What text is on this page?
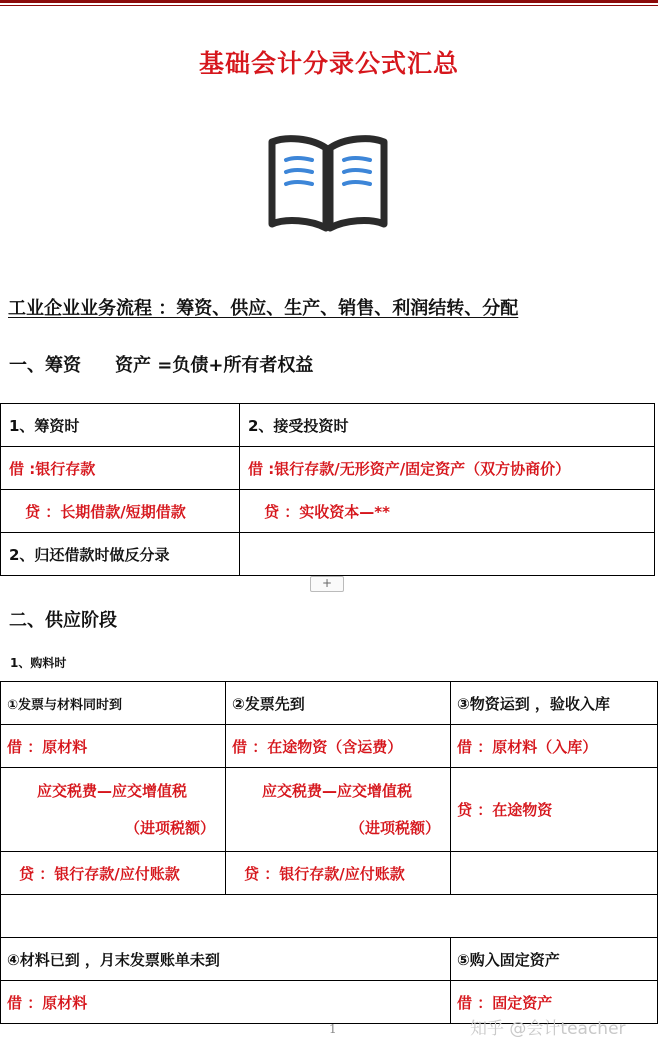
基础会计分录公式汇总
工业企业业务流程 ：筹资、供应、生产、销售、利润结转、分配
一、筹资 资产 =负债+所有者权益
1、筹资时	2、接受投资时
借 :银行存款	借 :银行存款/无形资产/固定资产（双方协商价）
贷 ：长期借款/短期借款	贷 ：实收资本—**
2、归还借款时做反分录	
+
二、供应阶段
1、购料时
①发票与材料同时到	②发票先到	③物资运到 ，验收入库
借 ：原材料	借 ：在途物资（含运费）	借 ：原材料（入库）

应交税费—应交增值税
（进项税额）	应交税费—应交增值税
（进项税额）	贷 ：在途物资
贷 ：银行存款/应付账款	贷 ：银行存款/应付账款	

④材料已到 ，月末发票账单未到		⑤购入固定资产
借 ：原材料		借 ：固定资产
1	知乎 @会计teacher
